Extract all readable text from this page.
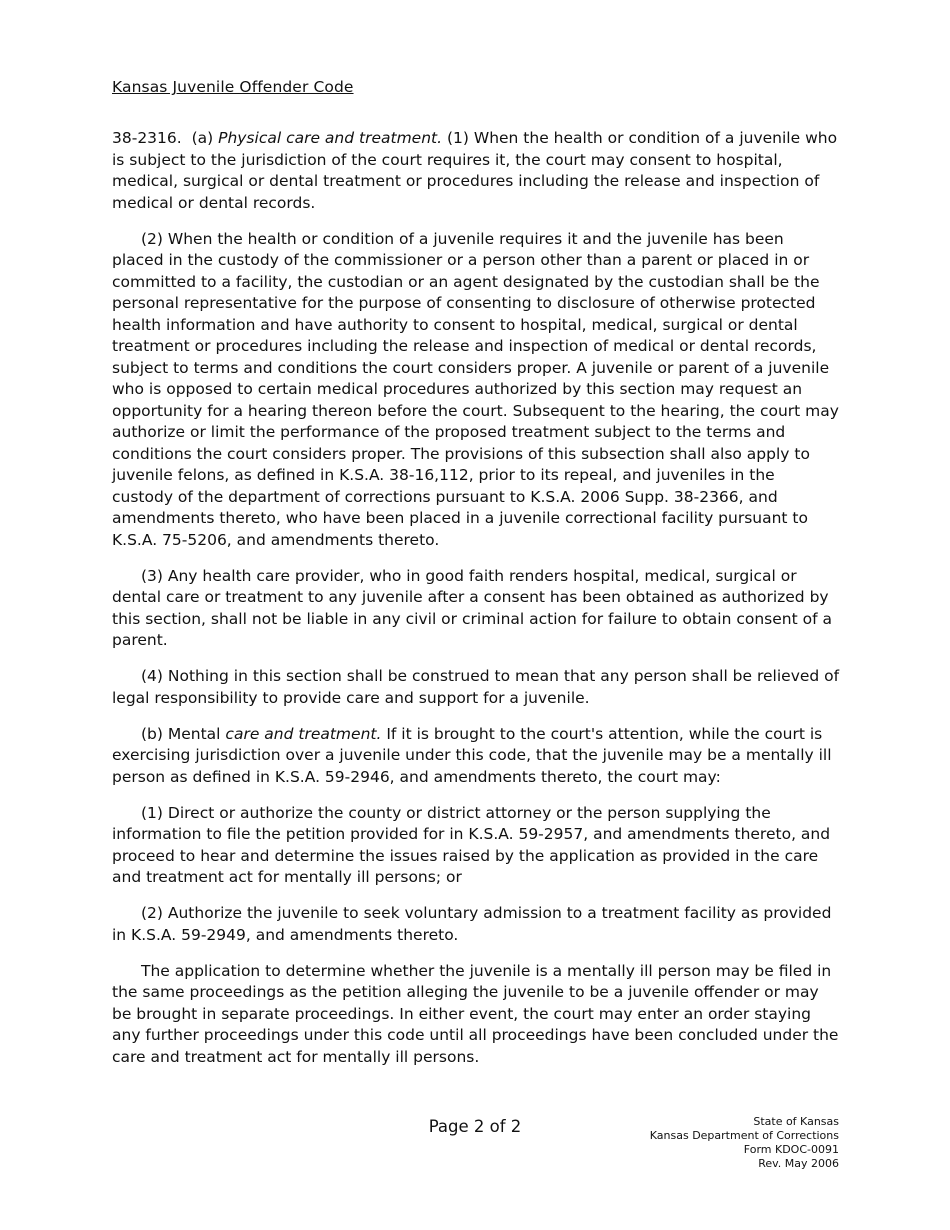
Kansas Juvenile Offender Code

38-2316. (a) Physical care and treatment. (1) When the health or condition of a juvenile who is subject to the jurisdiction of the court requires it, the court may consent to hospital, medical, surgical or dental treatment or procedures including the release and inspection of medical or dental records.

(2) When the health or condition of a juvenile requires it and the juvenile has been placed in the custody of the commissioner or a person other than a parent or placed in or committed to a facility, the custodian or an agent designated by the custodian shall be the personal representative for the purpose of consenting to disclosure of otherwise protected health information and have authority to consent to hospital, medical, surgical or dental treatment or procedures including the release and inspection of medical or dental records, subject to terms and conditions the court considers proper. A juvenile or parent of a juvenile who is opposed to certain medical procedures authorized by this section may request an opportunity for a hearing thereon before the court. Subsequent to the hearing, the court may authorize or limit the performance of the proposed treatment subject to the terms and conditions the court considers proper. The provisions of this subsection shall also apply to juvenile felons, as defined in K.S.A. 38-16,112, prior to its repeal, and juveniles in the custody of the department of corrections pursuant to K.S.A. 2006 Supp. 38-2366, and amendments thereto, who have been placed in a juvenile correctional facility pursuant to K.S.A. 75-5206, and amendments thereto.

(3) Any health care provider, who in good faith renders hospital, medical, surgical or dental care or treatment to any juvenile after a consent has been obtained as authorized by this section, shall not be liable in any civil or criminal action for failure to obtain consent of a parent.

(4) Nothing in this section shall be construed to mean that any person shall be relieved of legal responsibility to provide care and support for a juvenile.

(b) Mental care and treatment. If it is brought to the court's attention, while the court is exercising jurisdiction over a juvenile under this code, that the juvenile may be a mentally ill person as defined in K.S.A. 59-2946, and amendments thereto, the court may:

(1) Direct or authorize the county or district attorney or the person supplying the information to file the petition provided for in K.S.A. 59-2957, and amendments thereto, and proceed to hear and determine the issues raised by the application as provided in the care and treatment act for mentally ill persons; or

(2) Authorize the juvenile to seek voluntary admission to a treatment facility as provided in K.S.A. 59-2949, and amendments thereto.

The application to determine whether the juvenile is a mentally ill person may be filed in the same proceedings as the petition alleging the juvenile to be a juvenile offender or may be brought in separate proceedings. In either event, the court may enter an order staying any further proceedings under this code until all proceedings have been concluded under the care and treatment act for mentally ill persons.

Page 2 of 2	State of Kansas
Kansas Department of Corrections
Form KDOC-0091
Rev. May 2006
